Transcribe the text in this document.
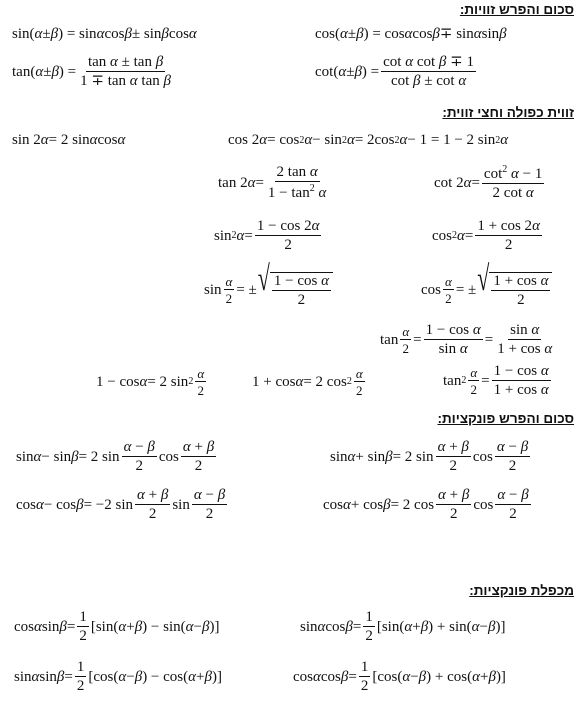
סכום והפרש זוויות:
זווית כפולה וחצי זווית:
סכום והפרש פונקציות:
מכפלת פונקציות:
sin( α ± β ) = sin α cos β ± sin β cos α	cos( α ± β ) = cos α cos β ∓ sin α sin β
tan( α ± β ) =
tan α ± tan β
1 ∓ tan α tan β
cot( α ± β ) =
cot α cot β ∓ 1
cot β ± cot α
sin 2 α = 2 sin α cos α	cos 2 α = cos 2 α − sin 2 α = 2cos 2 α − 1 = 1 − 2 sin 2 α
tan 2 α =
2 tan α
$1 - \tan^2 \alpha$
cot 2 α =
$\cot^2 \alpha - 1$
2 cot α
sin 2 α =
1 − cos 2α
2
cos 2 α =
1 + cos 2α
2
sin α
2
= ± √ 1 − cos α
2
cos α
2
= ± √ 1 + cos α
2
tan α
2
=
1 − cos α
sin α
=
sin α
1 + cos α
1 − cos α = 2 sin 2
α
2
1 + cos α = 2 cos 2
α
2
tan 2
α
2
=
1 − cos α
1 + cos α
sin α − sin β = 2 sin
α − β
2
cos
α + β
2
sin α + sin β = 2 sin
α + β
2
cos
α − β
2
cos α − cos β = −2 sin
α + β
2
sin
α − β
2
cos α + cos β = 2 cos
α + β
2
cos
α − β
2
cos α sin β =
1
2
[sin( α + β ) − sin( α − β )]	sin α cos β =
1
2
[sin( α + β ) + sin( α − β )]
sin α sin β =
1
2
[cos( α − β ) − cos( α + β )]	cos α cos β =
1
2
[cos( α − β ) + cos( α + β )]
